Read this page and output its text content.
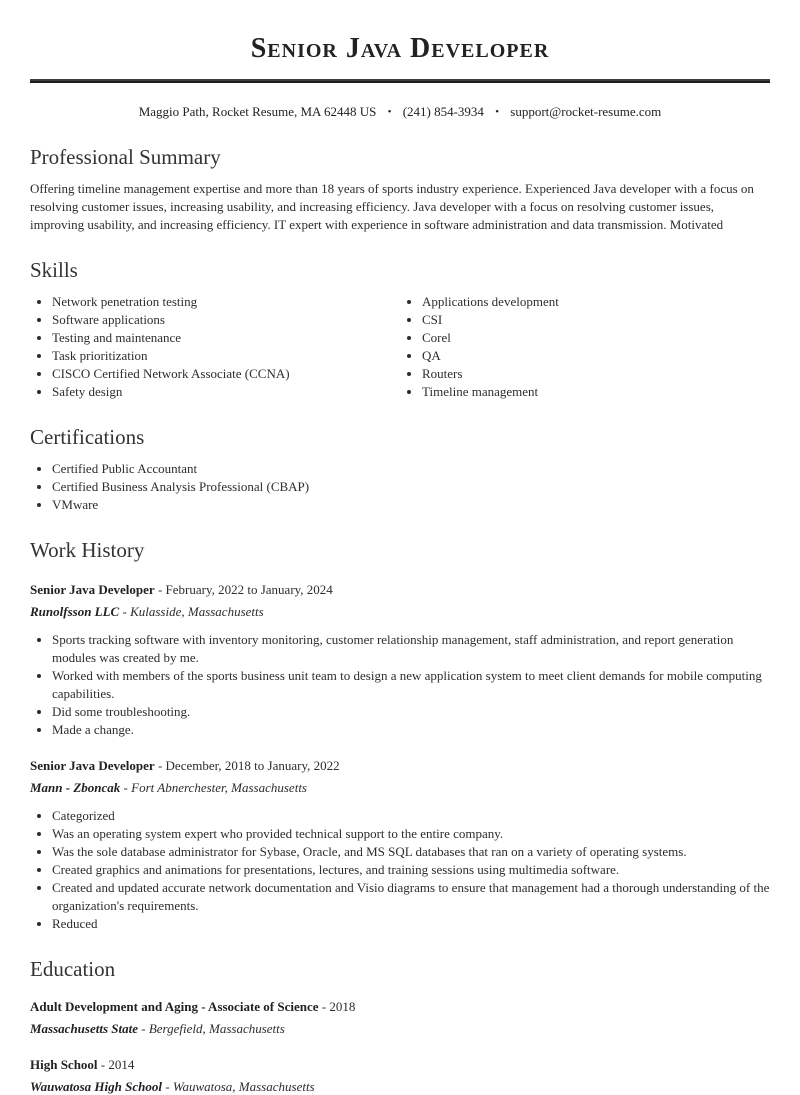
Senior Java Developer
Maggio Path, Rocket Resume, MA 62448 US • (241) 854-3934 • support@rocket-resume.com
Professional Summary

Offering timeline management expertise and more than 18 years of sports industry experience. Experienced Java developer with a focus on resolving customer issues, increasing usability, and increasing efficiency. Java developer with a focus on resolving customer issues, improving usability, and increasing efficiency. IT expert with experience in software administration and data transmission. Motivated

Skills
• Network penetration testing
• Software applications
• Testing and maintenance
• Task prioritization
• CISCO Certified Network Associate (CCNA)
• Safety design
• Applications development
• CSI
• Corel
• QA
• Routers
• Timeline management
Certifications
• Certified Public Accountant
• Certified Business Analysis Professional (CBAP)
• VMware
Work History
Senior Java Developer - February, 2022 to January, 2024
Runolfsson LLC - Kulasside, Massachusetts
• Sports tracking software with inventory monitoring, customer relationship management, staff administration, and report generation modules was created by me.
• Worked with members of the sports business unit team to design a new application system to meet client demands for mobile computing capabilities.
• Did some troubleshooting.
• Made a change.
Senior Java Developer - December, 2018 to January, 2022
Mann - Zboncak - Fort Abnerchester, Massachusetts
• Categorized
• Was an operating system expert who provided technical support to the entire company.
• Was the sole database administrator for Sybase, Oracle, and MS SQL databases that ran on a variety of operating systems.
• Created graphics and animations for presentations, lectures, and training sessions using multimedia software.
• Created and updated accurate network documentation and Visio diagrams to ensure that management had a thorough understanding of the organization's requirements.
• Reduced
Education
Adult Development and Aging - Associate of Science - 2018
Massachusetts State - Bergefield, Massachusetts
High School - 2014
Wauwatosa High School - Wauwatosa, Massachusetts
